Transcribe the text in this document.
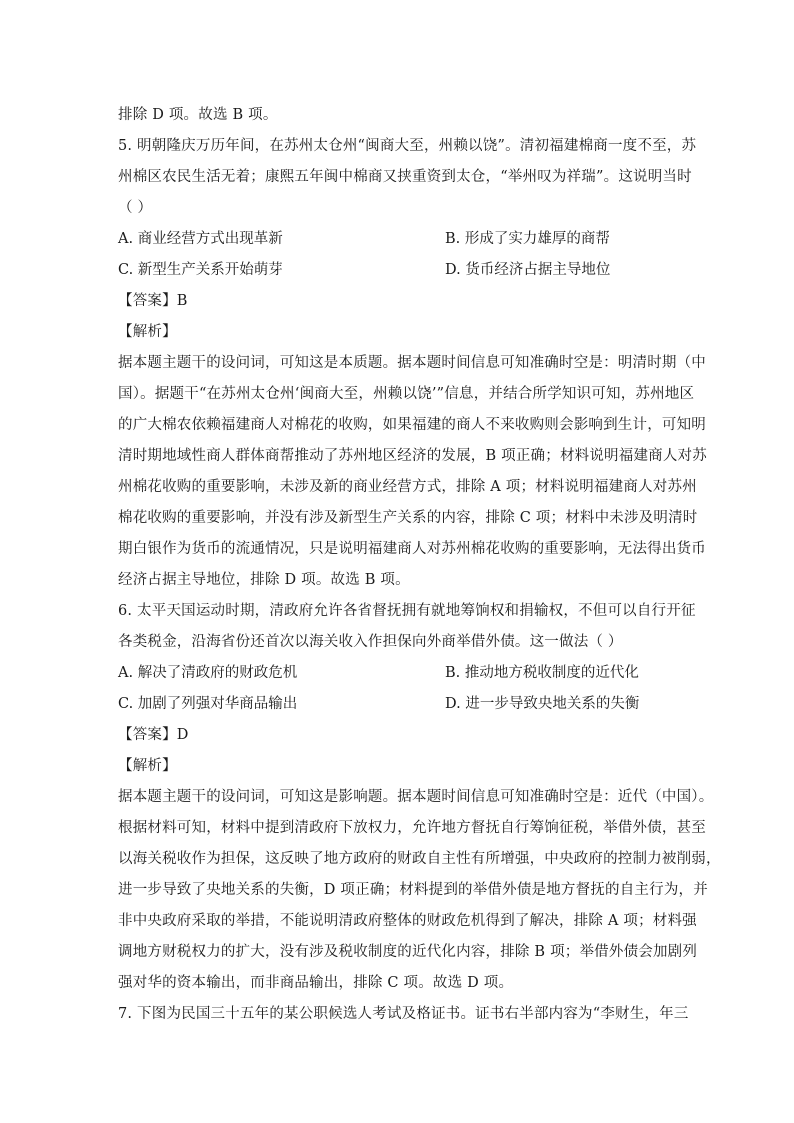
排除 D 项。故选 B 项。
5. 明朝隆庆万历年间，在苏州太仓州“闽商大至，州赖以饶”。清初福建棉商一度不至，苏
州棉区农民生活无着；康熙五年闽中棉商又挟重资到太仓，“举州叹为祥瑞”。这说明当时
（ ）
A. 商业经营方式出现革新	B. 形成了实力雄厚的商帮
C. 新型生产关系开始萌芽	D. 货币经济占据主导地位
【答案】B
【解析】
据本题主题干的设问词，可知这是本质题。据本题时间信息可知准确时空是：明清时期（中
国）。据题干“在苏州太仓州‘闽商大至，州赖以饶’”信息，并结合所学知识可知，苏州地区
的广大棉农依赖福建商人对棉花的收购，如果福建的商人不来收购则会影响到生计，可知明
清时期地域性商人群体商帮推动了苏州地区经济的发展，B 项正确；材料说明福建商人对苏
州棉花收购的重要影响，未涉及新的商业经营方式，排除 A 项；材料说明福建商人对苏州
棉花收购的重要影响，并没有涉及新型生产关系的内容，排除 C 项；材料中未涉及明清时
期白银作为货币的流通情况，只是说明福建商人对苏州棉花收购的重要影响，无法得出货币
经济占据主导地位，排除 D 项。故选 B 项。
6. 太平天国运动时期，清政府允许各省督抚拥有就地筹饷权和捐输权，不但可以自行开征
各类税金，沿海省份还首次以海关收入作担保向外商举借外债。这一做法（ ）
A. 解决了清政府的财政危机	B. 推动地方税收制度的近代化
C. 加剧了列强对华商品输出	D. 进一步导致央地关系的失衡
【答案】D
【解析】
据本题主题干的设问词，可知这是影响题。据本题时间信息可知准确时空是：近代（中国）。
根据材料可知，材料中提到清政府下放权力，允许地方督抚自行筹饷征税，举借外债，甚至
以海关税收作为担保，这反映了地方政府的财政自主性有所增强，中央政府的控制力被削弱，
进一步导致了央地关系的失衡，D 项正确；材料提到的举借外债是地方督抚的自主行为，并
非中央政府采取的举措，不能说明清政府整体的财政危机得到了解决，排除 A 项；材料强
调地方财税权力的扩大，没有涉及税收制度的近代化内容，排除 B 项；举借外债会加剧列
强对华的资本输出，而非商品输出，排除 C 项。故选 D 项。
7. 下图为民国三十五年的某公职候选人考试及格证书。证书右半部内容为“李财生，年三
